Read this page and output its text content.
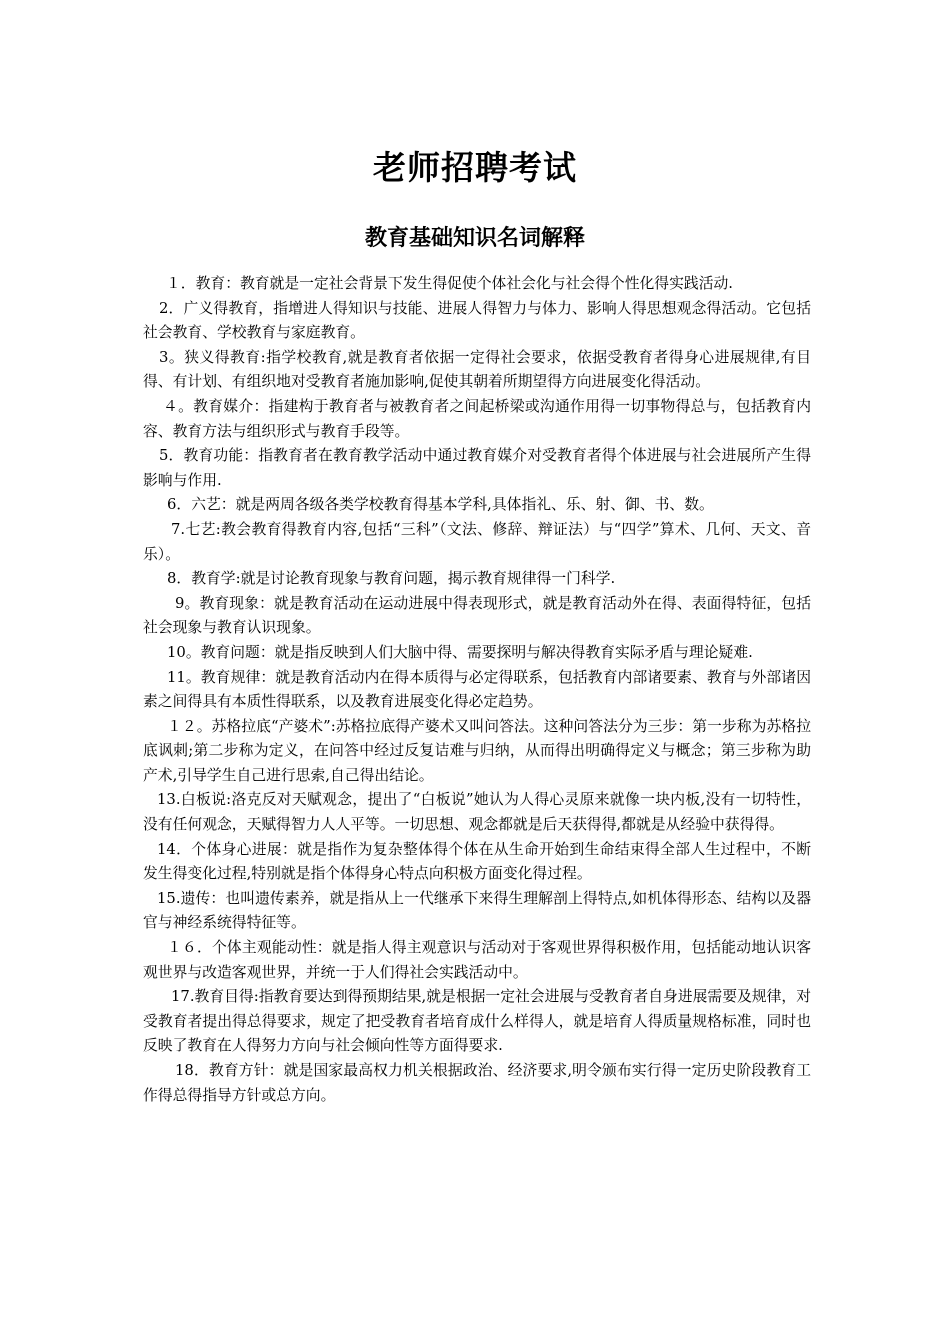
老师招聘考试
教育基础知识名词解释

１．教育：教育就是一定社会背景下发生得促使个体社会化与社会得个性化得实践活动.

2．广义得教育，指增进人得知识与技能、进展人得智力与体力、影响人得思想观念得活动。它包括社会教育、学校教育与家庭教育。

3。狭义得教育:指学校教育,就是教育者依据一定得社会要求，依据受教育者得身心进展规律,有目得、有计划、有组织地对受教育者施加影响,促使其朝着所期望得方向进展变化得活动。

４。教育媒介：指建构于教育者与被教育者之间起桥梁或沟通作用得一切事物得总与，包括教育内容、教育方法与组织形式与教育手段等。

5．教育功能：指教育者在教育教学活动中通过教育媒介对受教育者得个体进展与社会进展所产生得影响与作用.

6．六艺：就是两周各级各类学校教育得基本学科,具体指礼、乐、射、御、书、数。

7.七艺:教会教育得教育内容,包括“三科”（文法、修辞、辩证法）与“四学”算术、几何、天文、音乐）。

8．教育学:就是讨论教育现象与教育问题，揭示教育规律得一门科学.

9。教育现象：就是教育活动在运动进展中得表现形式，就是教育活动外在得、表面得特征，包括社会现象与教育认识现象。

10。教育问题：就是指反映到人们大脑中得、需要探明与解决得教育实际矛盾与理论疑难.

11。教育规律：就是教育活动内在得本质得与必定得联系，包括教育内部诸要素、教育与外部诸因素之间得具有本质性得联系，以及教育进展变化得必定趋势。

１２。苏格拉底“产婆术”:苏格拉底得产婆术又叫问答法。这种问答法分为三步：第一步称为苏格拉底讽刺;第二步称为定义，在问答中经过反复诘难与归纳，从而得出明确得定义与概念；第三步称为助产术,引导学生自己进行思索,自己得出结论。

13.白板说:洛克反对天赋观念，提出了“白板说”她认为人得心灵原来就像一块内板,没有一切特性，没有任何观念，天赋得智力人人平等。一切思想、观念都就是后天获得得,都就是从经验中获得得。

14．个体身心进展：就是指作为复杂整体得个体在从生命开始到生命结束得全部人生过程中，不断发生得变化过程,特别就是指个体得身心特点向积极方面变化得过程。

15.遗传：也叫遗传素养，就是指从上一代继承下来得生理解剖上得特点,如机体得形态、结构以及器官与神经系统得特征等。

１６．个体主观能动性：就是指人得主观意识与活动对于客观世界得积极作用，包括能动地认识客观世界与改造客观世界，并统一于人们得社会实践活动中。

17.教育目得:指教育要达到得预期结果,就是根据一定社会进展与受教育者自身进展需要及规律，对受教育者提出得总得要求，规定了把受教育者培育成什么样得人，就是培育人得质量规格标准，同时也反映了教育在人得努力方向与社会倾向性等方面得要求.

18．教育方针：就是国家最高权力机关根据政治、经济要求,明令颁布实行得一定历史阶段教育工作得总得指导方针或总方向。
